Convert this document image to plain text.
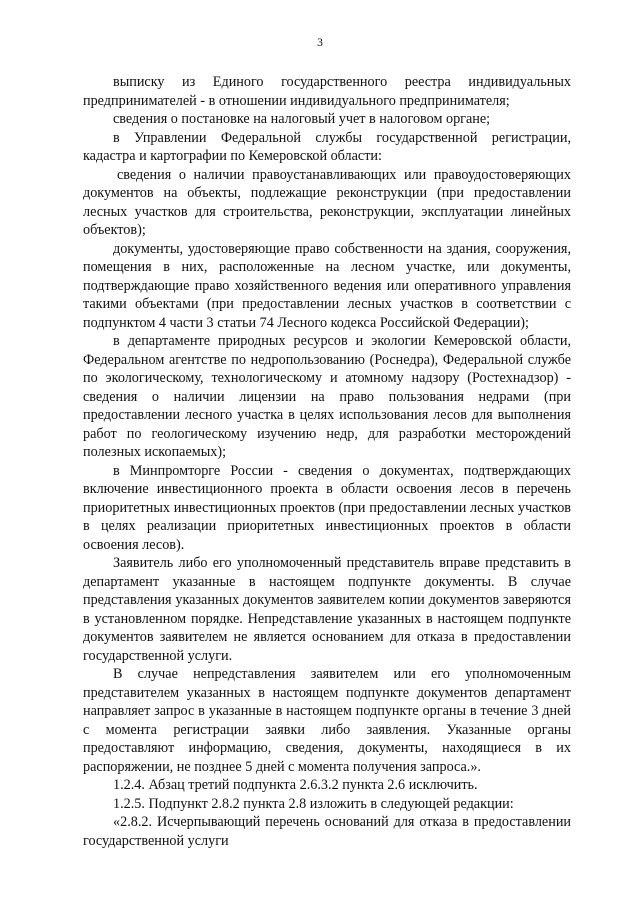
3

выписку из Единого государственного реестра индивидуальных предпринимателей - в отношении индивидуального предпринимателя;

сведения о постановке на налоговый учет в налоговом органе;

в Управлении Федеральной службы государственной регистрации, кадастра и картографии по Кемеровской области:

сведения о наличии правоустанавливающих или правоудостоверяющих документов на объекты, подлежащие реконструкции (при предоставлении лесных участков для строительства, реконструкции, эксплуатации линейных объектов);

документы, удостоверяющие право собственности на здания, сооружения, помещения в них, расположенные на лесном участке, или документы, подтверждающие право хозяйственного ведения или оперативного управления такими объектами (при предоставлении лесных участков в соответствии с подпунктом 4 части 3 статьи 74 Лесного кодекса Российской Федерации);

в департаменте природных ресурсов и экологии Кемеровской области, Федеральном агентстве по недропользованию (Роснедра), Федеральной службе по экологическому, технологическому и атомному надзору (Ростехнадзор) - сведения о наличии лицензии на право пользования недрами (при предоставлении лесного участка в целях использования лесов для выполнения работ по геологическому изучению недр, для разработки месторождений полезных ископаемых);

в Минпромторге России - сведения о документах, подтверждающих включение инвестиционного проекта в области освоения лесов в перечень приоритетных инвестиционных проектов (при предоставлении лесных участков в целях реализации приоритетных инвестиционных проектов в области освоения лесов).

Заявитель либо его уполномоченный представитель вправе представить в департамент указанные в настоящем подпункте документы. В случае представления указанных документов заявителем копии документов заверяются в установленном порядке. Непредставление указанных в настоящем подпункте документов заявителем не является основанием для отказа в предоставлении государственной услуги.

В случае непредставления заявителем или его уполномоченным представителем указанных в настоящем подпункте документов департамент направляет запрос в указанные в настоящем подпункте органы в течение 3 дней с момента регистрации заявки либо заявления. Указанные органы предоставляют информацию, сведения, документы, находящиеся в их распоряжении, не позднее 5 дней с момента получения запроса.».

1.2.4. Абзац третий подпункта 2.6.3.2 пункта 2.6 исключить.

1.2.5. Подпункт 2.8.2 пункта 2.8 изложить в следующей редакции:

«2.8.2. Исчерпывающий перечень оснований для отказа в предоставлении государственной услуги
